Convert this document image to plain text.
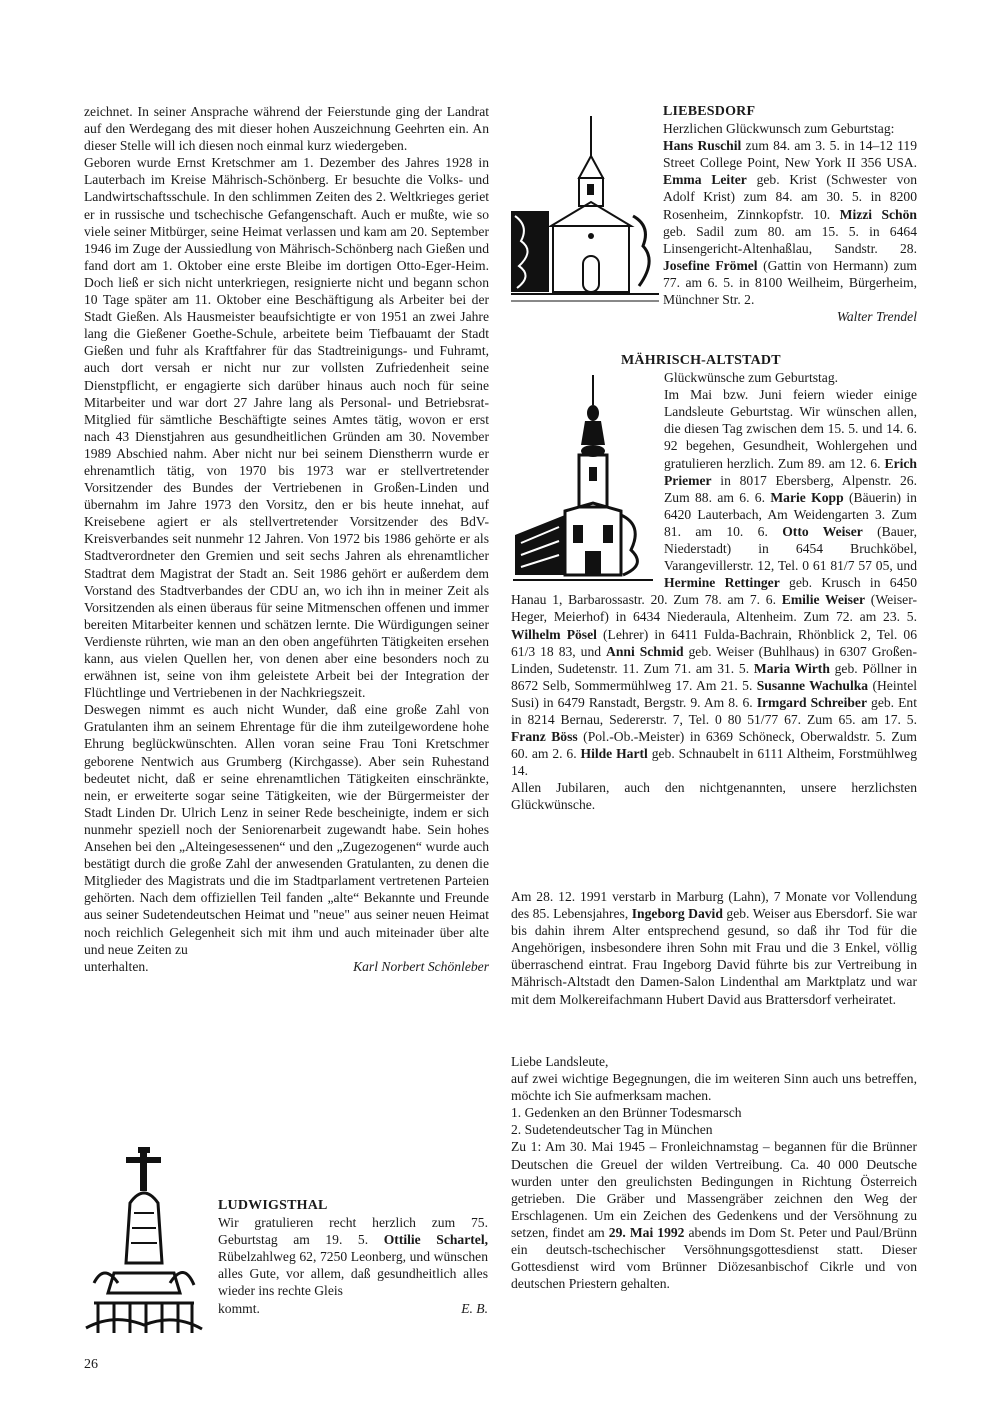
zeichnet. In seiner Ansprache während der Feierstunde ging der Landrat auf den Werdegang des mit dieser hohen Auszeichnung Geehrten ein. An dieser Stelle will ich diesen noch einmal kurz wiedergeben.

Geboren wurde Ernst Kretschmer am 1. Dezember des Jahres 1928 in Lauterbach im Kreise Mährisch-Schönberg. Er besuchte die Volks- und Landwirtschaftsschule. In den schlimmen Zeiten des 2. Weltkrieges geriet er in russische und tschechische Gefangenschaft. Auch er mußte, wie so viele seiner Mitbürger, seine Heimat verlassen und kam am 20. September 1946 im Zuge der Aussiedlung von Mährisch-Schönberg nach Gießen und fand dort am 1. Oktober eine erste Bleibe im dortigen Otto-Eger-Heim. Doch ließ er sich nicht unterkriegen, resignierte nicht und begann schon 10 Tage später am 11. Oktober eine Beschäftigung als Arbeiter bei der Stadt Gießen. Als Hausmeister beaufsichtigte er von 1951 an zwei Jahre lang die Gießener Goethe-Schule, arbeitete beim Tiefbauamt der Stadt Gießen und fuhr als Kraftfahrer für das Stadtreinigungs- und Fuhramt, auch dort versah er nicht nur zur vollsten Zufriedenheit seine Dienstpflicht, er engagierte sich darüber hinaus auch noch für seine Mitarbeiter und war dort 27 Jahre lang als Personal- und Betriebsrat-Mitglied für sämtliche Beschäftigte seines Amtes tätig, wovon er erst nach 43 Dienstjahren aus gesundheitlichen Gründen am 30. November 1989 Abschied nahm. Aber nicht nur bei seinem Dienstherrn wurde er ehrenamtlich tätig, von 1970 bis 1973 war er stellvertretender Vorsitzender des Bundes der Vertriebenen in Großen-Linden und übernahm im Jahre 1973 den Vorsitz, den er bis heute innehat, auf Kreisebene agiert er als stellvertretender Vorsitzender des BdV-Kreisverbandes seit nunmehr 12 Jahren. Von 1972 bis 1986 gehörte er als Stadtverordneter den Gremien und seit sechs Jahren als ehrenamtlicher Stadtrat dem Magistrat der Stadt an. Seit 1986 gehört er außerdem dem Vorstand des Stadtverbandes der CDU an, wo ich ihn in meiner Zeit als Vorsitzenden als einen überaus für seine Mitmenschen offenen und immer bereiten Mitarbeiter kennen und schätzen lernte. Die Würdigungen seiner Verdienste rührten, wie man an den oben angeführten Tätigkeiten ersehen kann, aus vielen Quellen her, von denen aber eine besonders noch zu erwähnen ist, seine von ihm geleistete Arbeit bei der Integration der Flüchtlinge und Vertriebenen in der Nachkriegszeit.

Deswegen nimmt es auch nicht Wunder, daß eine große Zahl von Gratulanten ihm an seinem Ehrentage für die ihm zuteilgewordene hohe Ehrung beglückwünschten. Allen voran seine Frau Toni Kretschmer geborene Nentwich aus Grumberg (Kirchgasse). Aber sein Ruhestand bedeutet nicht, daß er seine ehrenamtlichen Tätigkeiten einschränkte, nein, er erweiterte sogar seine Tätigkeiten, wie der Bürgermeister der Stadt Linden Dr. Ulrich Lenz in seiner Rede bescheinigte, indem er sich nunmehr speziell noch der Seniorenarbeit zugewandt habe. Sein hohes Ansehen bei den „Alteingesessenen“ und den „Zugezogenen“ wurde auch bestätigt durch die große Zahl der anwesenden Gratulanten, zu denen die Mitglieder des Magistrats und die im Stadtparlament vertretenen Parteien gehörten. Nach dem offiziellen Teil fanden „alte“ Bekannte und Freunde aus seiner Sudetendeutschen Heimat und "neue" aus seiner neuen Heimat noch reichlich Gelegenheit sich mit ihm und auch miteinader über alte und neue Zeiten zu

unterhalten.	Karl Norbert Schönleber
LUDWIGSTHAL

Wir gratulieren recht herzlich zum 75. Geburtstag am 19. 5. Ottilie Schartel, Rübelzahlweg 62, 7250 Leonberg, und wünschen alles Gute, vor allem, daß gesundheitlich alles wieder ins rechte Gleis

kommt.	E. B.
LIEBESDORF

Herzlichen Glückwunsch zum Geburtstag:

Hans Ruschil zum 84. am 3. 5. in 14–12 119 Street College Point, New York II 356 USA. Emma Leiter geb. Krist (Schwester von Adolf Krist) zum 84. am 30. 5. in 8200 Rosenheim, Zinnkopfstr. 10. Mizzi Schön geb. Sadil zum 80. am 15. 5. in 6464 Linsengericht-Altenhaßlau, Sandstr. 28. Josefine Frömel (Gattin von Hermann) zum 77. am 6. 5. in 8100 Weilheim, Bürgerheim, Münchner Str. 2.

Walter Trendel
MÄHRISCH-ALTSTADT

Glückwünsche zum Geburtstag.

Im Mai bzw. Juni feiern wieder einige Landsleute Geburtstag. Wir wünschen allen, die diesen Tag zwischen dem 15. 5. und 14. 6. 92 begehen, Gesundheit, Wohlergehen und gratulieren herzlich. Zum 89. am 12. 6. Erich Priemer in 8017 Ebersberg, Alpenstr. 26. Zum 88. am 6. 6. Marie Kopp (Bäuerin) in 6420 Lauterbach, Am Weidengarten 3. Zum 81. am 10. 6. Otto Weiser (Bauer, Niederstadt) in 6454 Bruchköbel, Varangevillerstr. 12, Tel. 0 61 81/7 57 05, und Hermine Rettinger geb. Krusch in 6450 Hanau 1, Barbarossastr. 20. Zum 78. am 7. 6. Emilie Weiser (Weiser-Heger, Meierhof) in 6434 Niederaula, Altenheim. Zum 72. am 23. 5. Wilhelm Pösel (Lehrer) in 6411 Fulda-Bachrain, Rhönblick 2, Tel. 06 61/3 18 83, und Anni Schmid geb. Weiser (Buhlhaus) in 6307 Großen-Linden, Sudetenstr. 11. Zum 71. am 31. 5. Maria Wirth geb. Pöllner in 8672 Selb, Sommermühlweg 17. Am 21. 5. Susanne Wachulka (Heintel Susi) in 6479 Ranstadt, Bergstr. 9. Am 8. 6. Irmgard Schreiber geb. Ent in 8214 Bernau, Sedererstr. 7, Tel. 0 80 51/77 67. Zum 65. am 17. 5. Franz Böss (Pol.-Ob.-Meister) in 6369 Schöneck, Oberwaldstr. 5. Zum 60. am 2. 6. Hilde Hartl geb. Schnaubelt in 6111 Altheim, Forstmühlweg 14.

Allen Jubilaren, auch den nichtgenannten, unsere herzlichsten Glückwünsche.

Am 28. 12. 1991 verstarb in Marburg (Lahn), 7 Monate vor Vollendung des 85. Lebensjahres, Ingeborg David geb. Weiser aus Ebersdorf. Sie war bis dahin ihrem Alter entsprechend gesund, so daß ihr Tod für die Angehörigen, insbesondere ihren Sohn mit Frau und die 3 Enkel, völlig überraschend eintrat. Frau Ingeborg David führte bis zur Vertreibung in Mährisch-Altstadt den Damen-Salon Lindenthal am Marktplatz und war mit dem Molkereifachmann Hubert David aus Brattersdorf verheiratet.

Liebe Landsleute,

auf zwei wichtige Begegnungen, die im weiteren Sinn auch uns betreffen, möchte ich Sie aufmerksam machen.

1. Gedenken an den Brünner Todesmarsch

2. Sudetendeutscher Tag in München

Zu 1: Am 30. Mai 1945 – Fronleichnamstag – begannen für die Brünner Deutschen die Greuel der wilden Vertreibung. Ca. 40 000 Deutsche wurden unter den greulichsten Bedingungen in Richtung Österreich getrieben. Die Gräber und Massengräber zeichnen den Weg der Erschlagenen. Um ein Zeichen des Gedenkens und der Versöhnung zu setzen, findet am 29. Mai 1992 abends im Dom St. Peter und Paul/Brünn ein deutsch-tschechischer Versöhnungsgottesdienst statt. Dieser Gottesdienst wird vom Brünner Diözesanbischof Cikrle und von deutschen Priestern gehalten.

26
